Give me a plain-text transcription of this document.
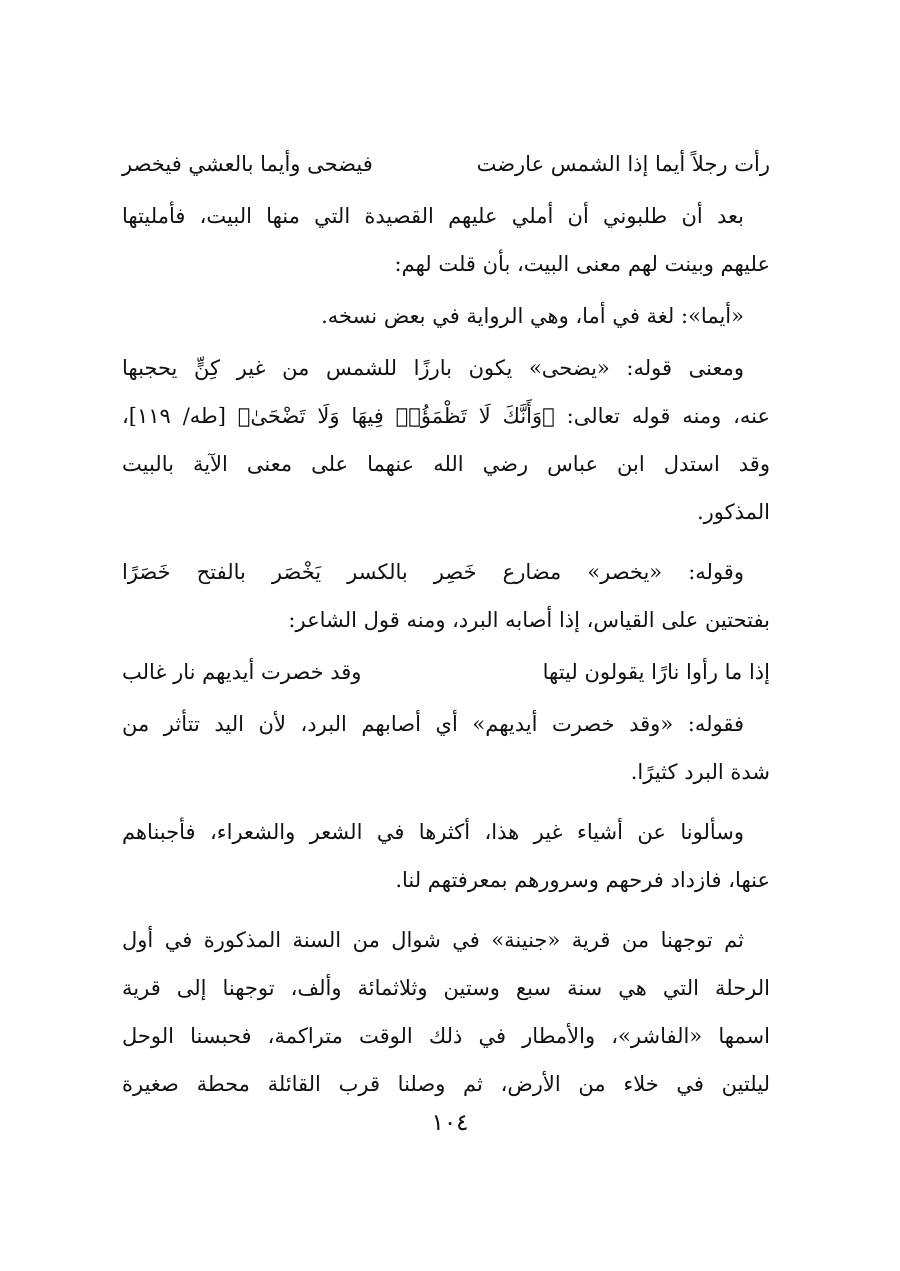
رأت رجلاً أيما إذا الشمس عارضت
فيضحى وأيما بالعشي فيخصر

بعد أن طلبوني أن أملي عليهم القصيدة التي منها البيت، فأمليتها

عليهم وبينت لهم معنى البيت، بأن قلت لهم:

«أيما»: لغة في أما، وهي الرواية في بعض نسخه.

ومعنى قوله: «يضحى» يكون بارزًا للشمس من غير كِنٍّ يحجبها

عنه، ومنه قوله تعالى: ﴿وَأَنَّكَ لَا تَظْمَؤُا۟ فِيهَا وَلَا تَضْحَىٰ﴾ [طه/ ١١٩]،

وقد استدل ابن عباس رضي الله عنهما على معنى الآية بالبيت

المذكور.

وقوله: «يخصر» مضارع خَصِر بالكسر يَخْصَر بالفتح خَصَرًا

بفتحتين على القياس، إذا أصابه البرد، ومنه قول الشاعر:

إذا ما رأوا نارًا يقولون ليتها
وقد خصرت أيديهم نار غالب

فقوله: «وقد خصرت أيديهم» أي أصابهم البرد، لأن اليد تتأثر من

شدة البرد كثيرًا.

وسألونا عن أشياء غير هذا، أكثرها في الشعر والشعراء، فأجبناهم

عنها، فازداد فرحهم وسرورهم بمعرفتهم لنا.

ثم توجهنا من قرية «جنينة» في شوال من السنة المذكورة في أول

الرحلة التي هي سنة سبع وستين وثلاثمائة وألف، توجهنا إلى قرية

اسمها «الفاشر»، والأمطار في ذلك الوقت متراكمة، فحبسنا الوحل

ليلتين في خلاء من الأرض، ثم وصلنا قرب القائلة محطة صغيرة

١٠٤
